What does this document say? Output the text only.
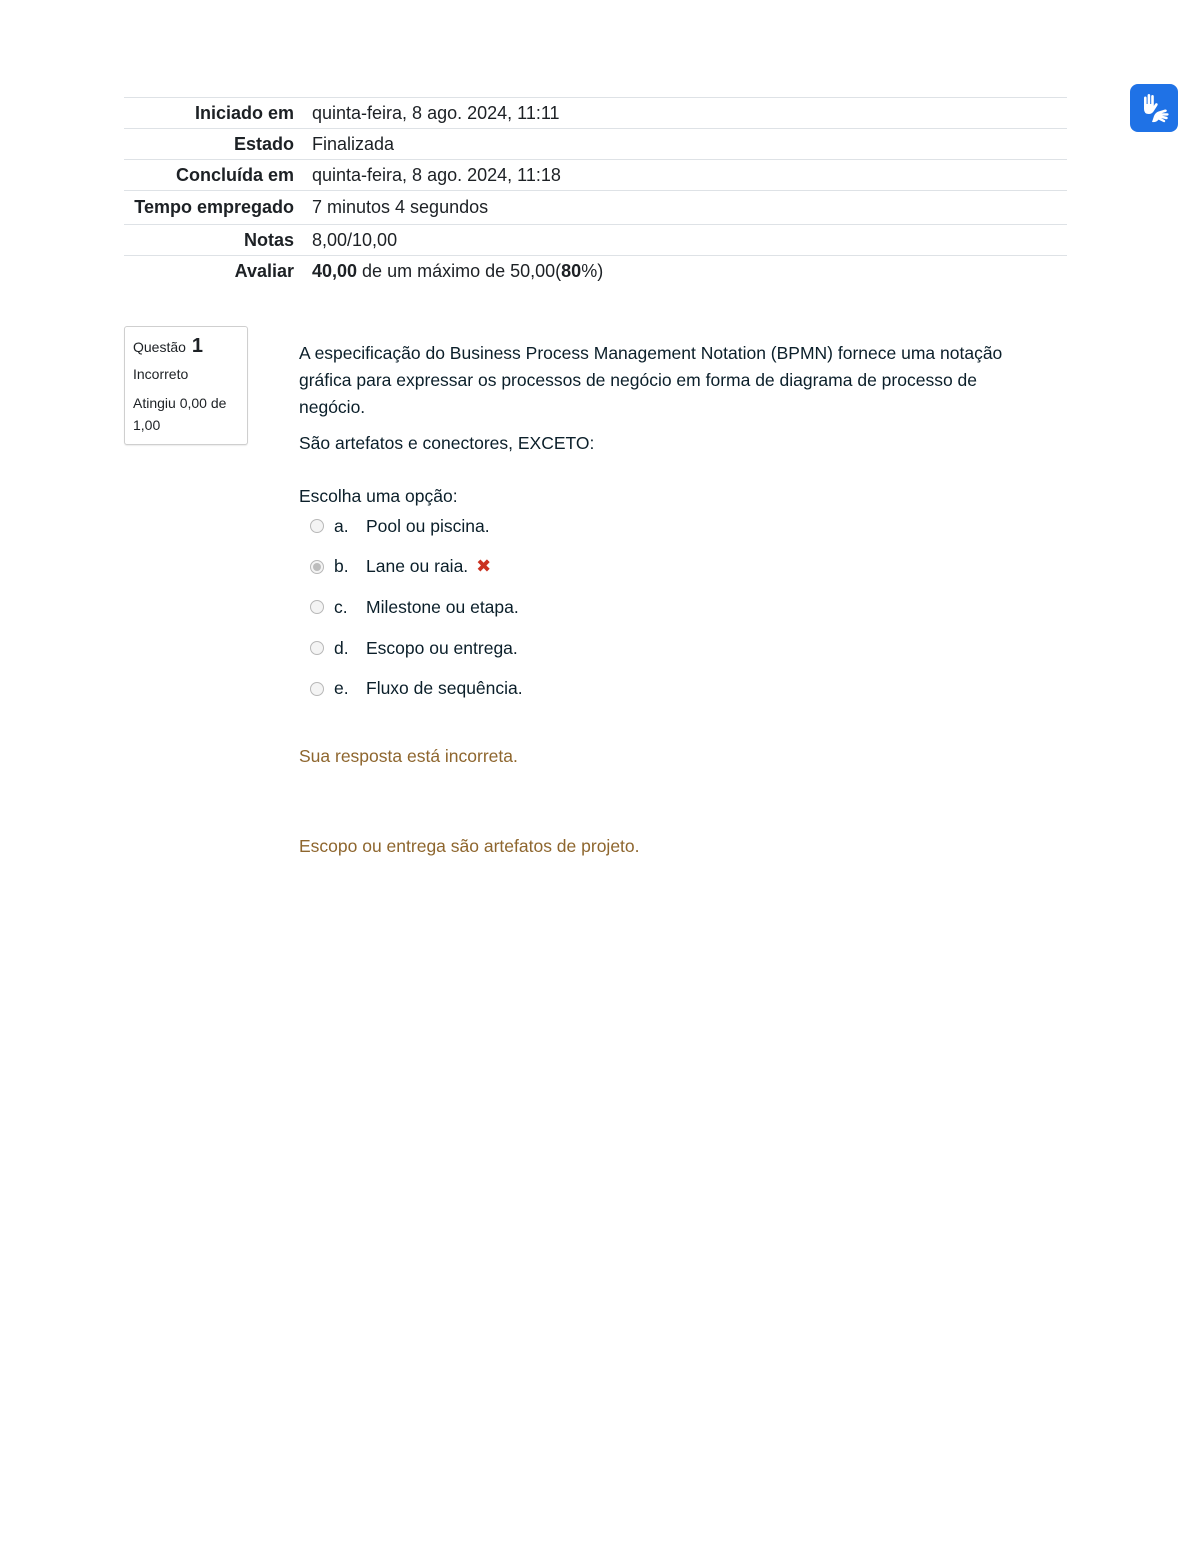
Iniciado em	quinta-feira, 8 ago. 2024, 11:11
Estado	Finalizada
Concluída em	quinta-feira, 8 ago. 2024, 11:18
Tempo empregado	7 minutos 4 segundos
Notas	8,00/10,00
Avaliar	40,00 de um máximo de 50,00(80%)
Questão 1
Incorreto
Atingiu 0,00 de 1,00

A especificação do Business Process Management Notation (BPMN) fornece uma notação gráfica para expressar os processos de negócio em forma de diagrama de processo de negócio.

São artefatos e conectores, EXCETO:

Escolha uma opção:
a. Pool ou piscina.
b. Lane ou raia. ✖
c.	Milestone ou etapa.
d. Escopo ou entrega.
e. Fluxo de sequência.
Sua resposta está incorreta.
Escopo ou entrega são artefatos de projeto.
